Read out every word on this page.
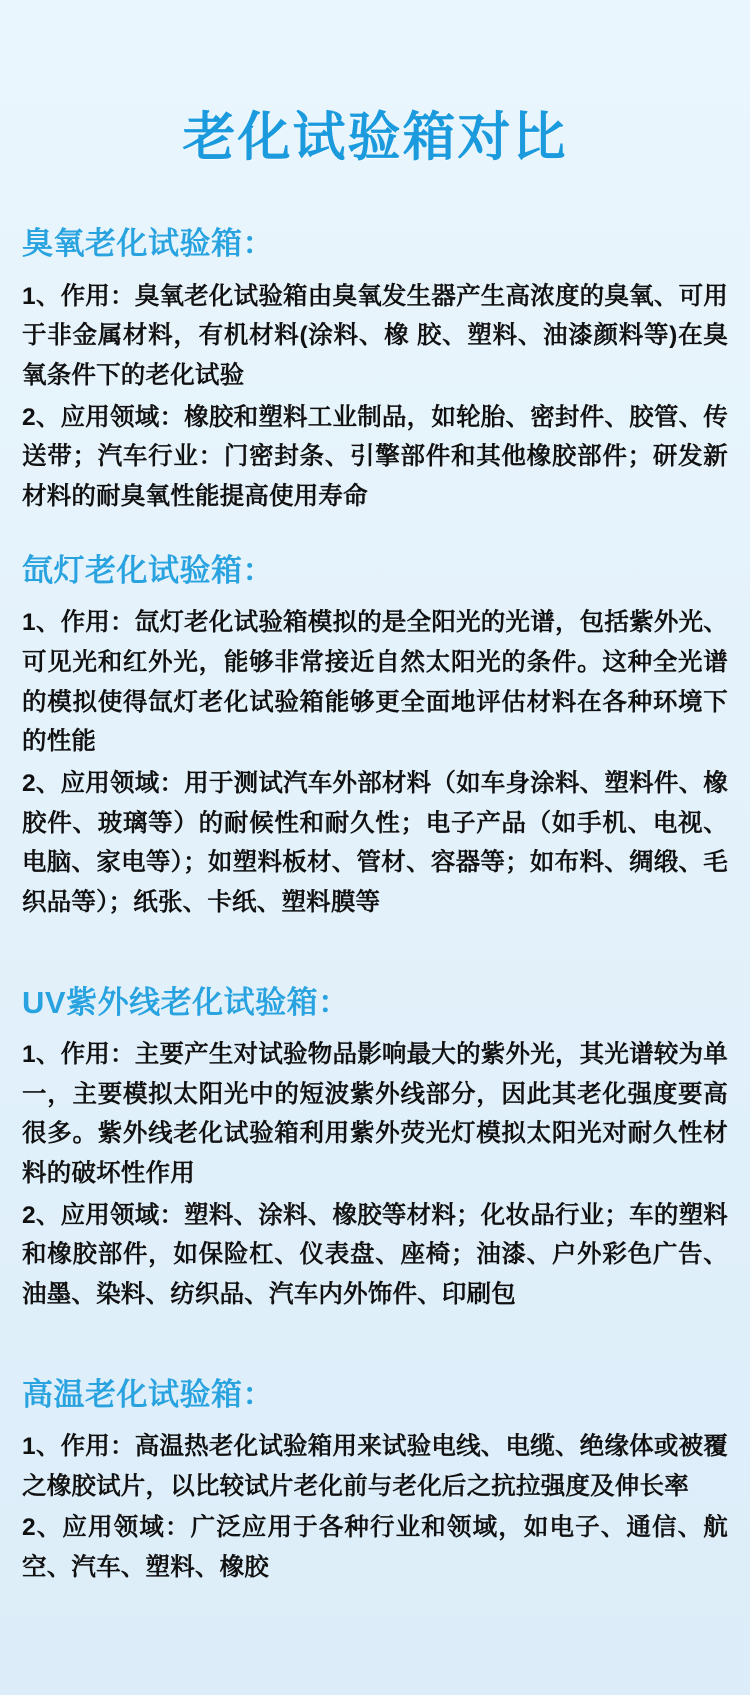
老化试验箱对比
臭氧老化试验箱：

1、作用：臭氧老化试验箱由臭氧发生器产生高浓度的臭氧、可用于非金属材料，有机材料(涂料、橡 胶、塑料、油漆颜料等)在臭氧条件下的老化试验

2、应用领域：橡胶和塑料工业制品，如轮胎、密封件、胶管、传送带；汽车行业：门密封条、引擎部件和其他橡胶部件；研发新材料的耐臭氧性能提高使用寿命

氙灯老化试验箱：

1、作用：氙灯老化试验箱模拟的是全阳光的光谱，包括紫外光、可见光和红外光，能够非常接近自然太阳光的条件。这种全光谱的模拟使得氙灯老化试验箱能够更全面地评估材料在各种环境下的性能

2、应用领域：用于测试汽车外部材料（如车身涂料、塑料件、橡胶件、玻璃等）的耐候性和耐久性；电子产品（如手机、电视、电脑、家电等）；如塑料板材、管材、容器等；如布料、绸缎、毛织品等）；纸张、卡纸、塑料膜等

UV紫外线老化试验箱：

1、作用：主要产生对试验物品影响最大的紫外光，其光谱较为单一，主要模拟太阳光中的短波紫外线部分，因此其老化强度要高很多。紫外线老化试验箱利用紫外荧光灯模拟太阳光对耐久性材料的破坏性作用

2、应用领域：塑料、涂料、橡胶等材料；化妆品行业；车的塑料和橡胶部件，如保险杠、仪表盘、座椅；油漆、户外彩色广告、油墨、染料、纺织品、汽车内外饰件、印刷包

高温老化试验箱：

1、作用：高温热老化试验箱用来试验电线、电缆、绝缘体或被覆之橡胶试片，以比较试片老化前与老化后之抗拉强度及伸长率

2、应用领域：广泛应用于各种行业和领域，如电子、通信、航空、汽车、塑料、橡胶
